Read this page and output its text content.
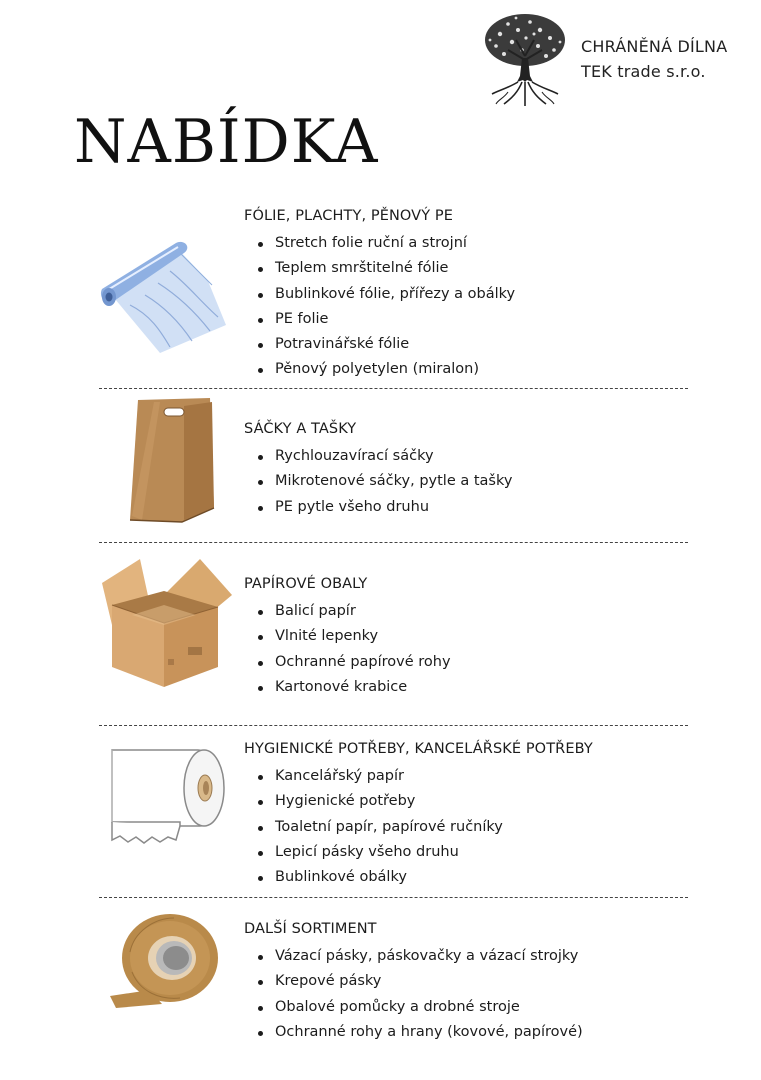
CHRÁNĚNÁ DÍLNA
TEK trade s.r.o.
NABÍDKA
FÓLIE, PLACHTY, PĚNOVÝ PE
Stretch folie ruční a strojní
Teplem smrštitelné fólie
Bublinkové fólie, přířezy a obálky
PE folie
Potravinářské fólie
Pěnový polyetylen (miralon)
SÁČKY A TAŠKY
Rychlouzavírací sáčky
Mikrotenové sáčky, pytle a tašky
PE pytle všeho druhu
PAPÍROVÉ OBALY
Balicí papír
Vlnité lepenky
Ochranné papírové rohy
Kartonové krabice
HYGIENICKÉ POTŘEBY, KANCELÁŘSKÉ POTŘEBY
Kancelářský papír
Hygienické potřeby
Toaletní papír, papírové ručníky
Lepicí pásky všeho druhu
Bublinkové obálky
DALŠÍ SORTIMENT
Vázací pásky, páskovačky a vázací strojky
Krepové pásky
Obalové pomůcky a drobné stroje
Ochranné rohy a hrany (kovové, papírové)
